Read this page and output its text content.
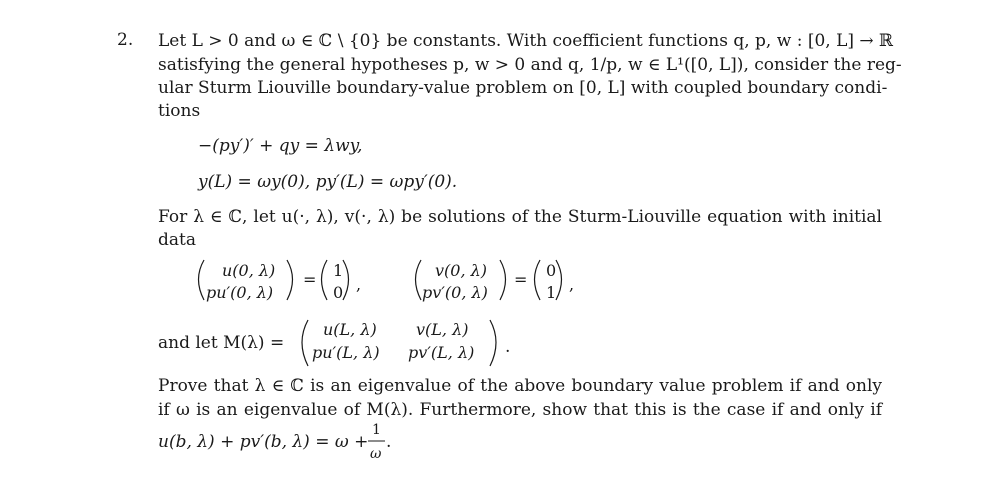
2. Let L > 0 and ω ∈ ℂ \ {0} be constants. With coefficient functions q, p, w : [0, L] → ℝ
satisfying the general hypotheses p, w > 0 and q, 1/p, w ∈ L¹([0, L]), consider the reg-
ular Sturm Liouville boundary-value problem on [0, L] with coupled boundary condi-
tions
−(py′)′ + qy = λwy,
y(L) = ωy(0), py′(L) = ωpy′(0).
For λ ∈ ℂ, let u(·, λ), v(·, λ) be solutions of the Sturm-Liouville equation with initial
data
u(0, λ)
pu′(0, λ)
= 1
0 ,
v(0, λ)
pv′(0, λ)
= 0
1 ,
and let M(λ) =
u(L, λ) v(L, λ)
pu′(L, λ) pv′(L, λ) .
u(b, λ) + pv′(b, λ) = ω +
1
ω
.
Prove that λ ∈ ℂ is an eigenvalue of the above boundary value problem if and only
if ω is an eigenvalue of M(λ). Furthermore, show that this is the case if and only if
